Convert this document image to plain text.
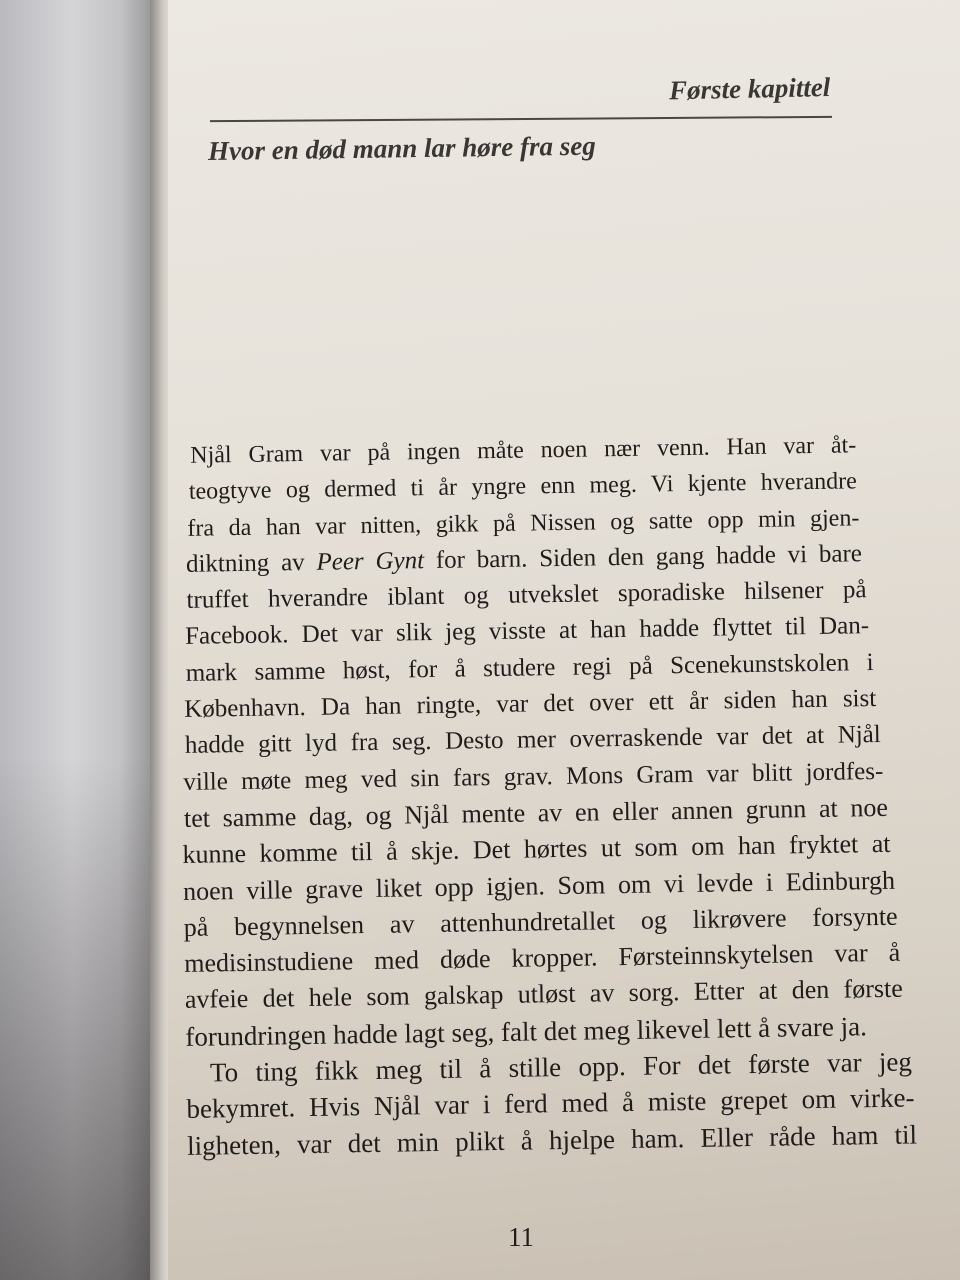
Første kapittel
Hvor en død mann lar høre fra seg
Njål Gram var på ingen måte noen nær venn. Han var åt-
teogtyve og dermed ti år yngre enn meg. Vi kjente hverandre
fra da han var nitten, gikk på Nissen og satte opp min gjen-
diktning av Peer Gynt for barn. Siden den gang hadde vi bare
truffet hverandre iblant og utvekslet sporadiske hilsener på
Facebook. Det var slik jeg visste at han hadde flyttet til Dan-
mark samme høst, for å studere regi på Scenekunstskolen i
København. Da han ringte, var det over ett år siden han sist
hadde gitt lyd fra seg. Desto mer overraskende var det at Njål
ville møte meg ved sin fars grav. Mons Gram var blitt jordfes-
tet samme dag, og Njål mente av en eller annen grunn at noe
kunne komme til å skje. Det hørtes ut som om han fryktet at
noen ville grave liket opp igjen. Som om vi levde i Edinburgh
på begynnelsen av attenhundretallet og likrøvere forsynte
medisinstudiene med døde kropper. Førsteinnskytelsen var å
avfeie det hele som galskap utløst av sorg. Etter at den første
forundringen hadde lagt seg, falt det meg likevel lett å svare ja.
To ting fikk meg til å stille opp. For det første var jeg
bekymret. Hvis Njål var i ferd med å miste grepet om virke-
ligheten, var det min plikt å hjelpe ham. Eller råde ham til
11
